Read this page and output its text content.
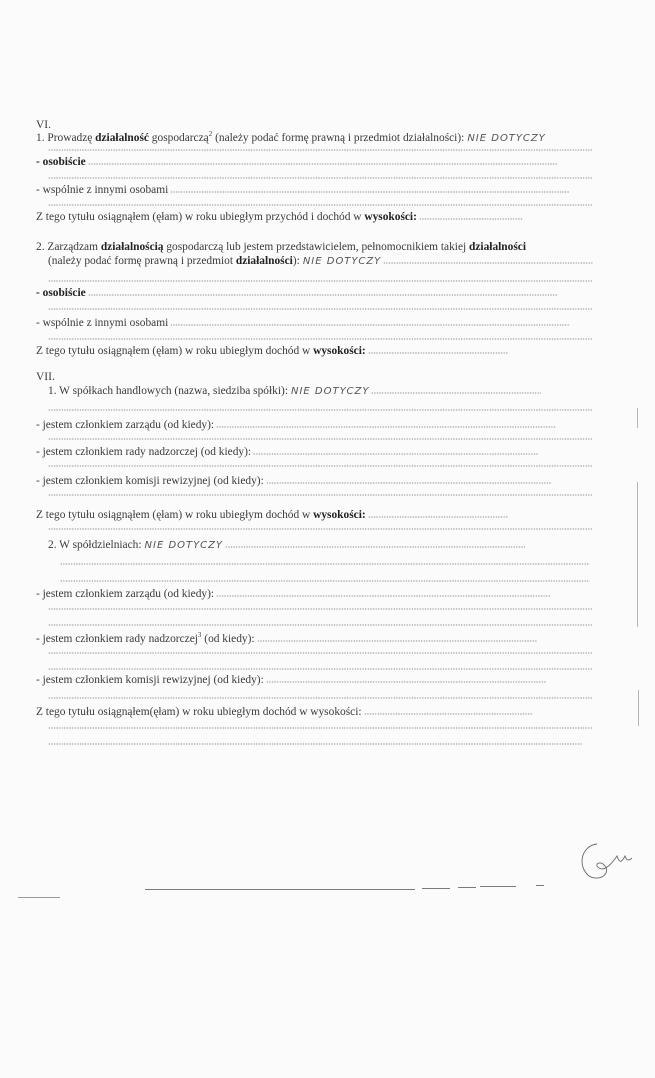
VI.
1. Prowadzę działalność gospodarczą$^2$ (należy podać formę prawną i przedmiot działalności): NIE DOTYCZY
- osobiście
- wspólnie z innymi osobami
Z tego tytułu osiągnąłem (ęłam) w roku ubiegłym przychód i dochód w wysokości:
2. Zarządzam działalnością gospodarczą lub jestem przedstawicielem, pełnomocnikiem takiej działalności
(należy podać formę prawną i przedmiot działalności): NIE DOTYCZY
- osobiście
- wspólnie z innymi osobami
Z tego tytułu osiągnąłem (ęłam) w roku ubiegłym dochód w wysokości:
VII.
1. W spółkach handlowych (nazwa, siedziba spółki): NIE DOTYCZY
- jestem członkiem zarządu (od kiedy):
- jestem członkiem rady nadzorczej (od kiedy):
- jestem członkiem komisji rewizyjnej (od kiedy):
Z tego tytułu osiągnąłem (ęłam) w roku ubiegłym dochód w wysokości:
2. W spółdzielniach: NIE DOTYCZY
- jestem członkiem zarządu (od kiedy):
- jestem członkiem rady nadzorczej$^3$ (od kiedy):
- jestem członkiem komisji rewizyjnej (od kiedy):
Z tego tytułu osiągnąłem(ęłam) w roku ubiegłym dochód w wysokości:
